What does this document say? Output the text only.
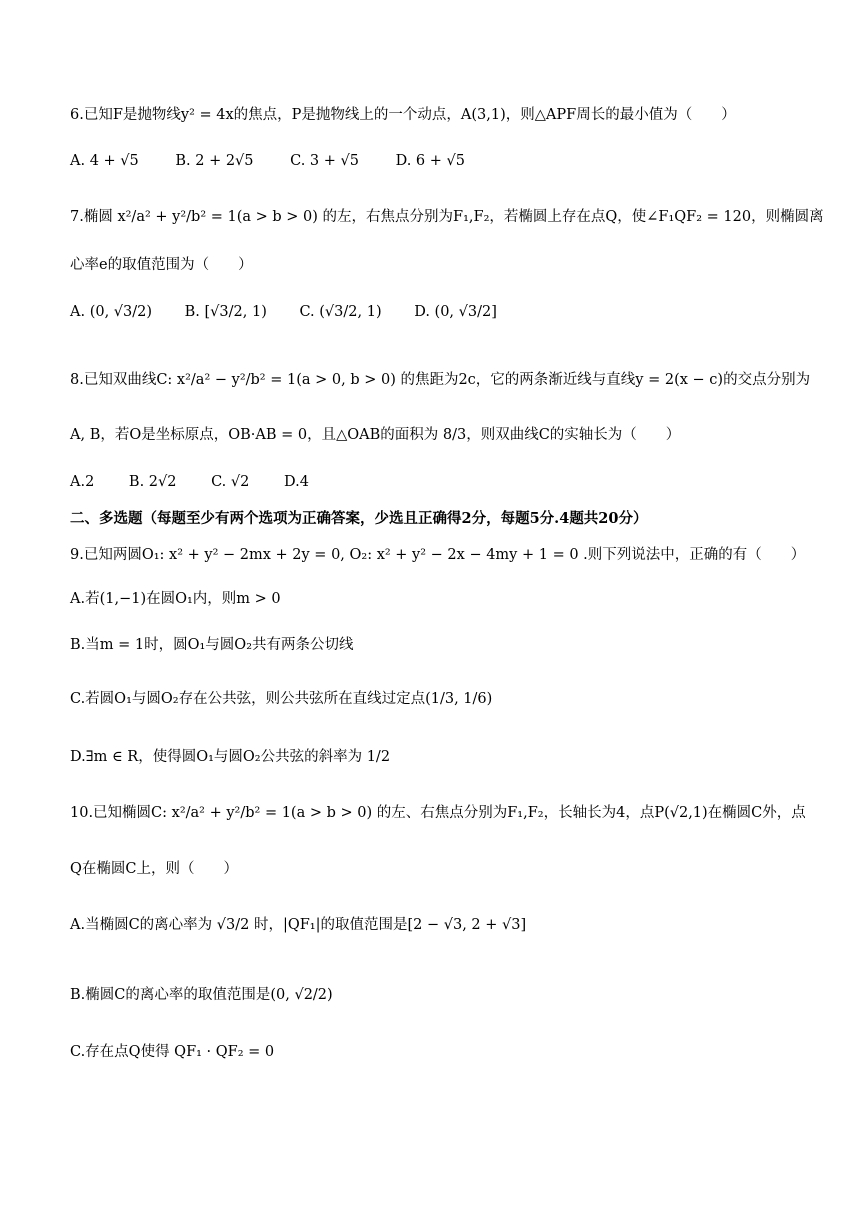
6.已知F是抛物线y² = 4x的焦点，P是抛物线上的一个动点，A(3,1)，则△APF周长的最小值为（　　）
A. 4 + √5	B. 2 + 2√5	C. 3 + √5	D. 6 + √5
7.椭圆 x²/a² + y²/b² = 1(a > b > 0) 的左，右焦点分别为F₁,F₂，若椭圆上存在点Q，使∠F₁QF₂ = 120，则椭圆离
心率e的取值范围为（　　）
A. (0, √3/2) B. [√3/2, 1) C. (√3/2, 1) D. (0, √3/2]
8.已知双曲线C: x²/a² − y²/b² = 1(a > 0, b > 0) 的焦距为2c，它的两条渐近线与直线y = 2(x − c)的交点分别为
A, B，若O是坐标原点，OB·AB = 0，且△OAB的面积为 8/3，则双曲线C的实轴长为（　　）
A.2 B. 2√2 C. √2 D.4
二、多选题（每题至少有两个选项为正确答案，少选且正确得2分，每题5分.4题共20分）
9.已知两圆O₁: x² + y² − 2mx + 2y = 0, O₂: x² + y² − 2x − 4my + 1 = 0 .则下列说法中，正确的有（　　）
A.若(1,−1)在圆O₁内，则m > 0
B.当m = 1时，圆O₁与圆O₂共有两条公切线
C.若圆O₁与圆O₂存在公共弦，则公共弦所在直线过定点(1/3, 1/6)
D.∃m ∈ R，使得圆O₁与圆O₂公共弦的斜率为 1/2
10.已知椭圆C: x²/a² + y²/b² = 1(a > b > 0) 的左、右焦点分别为F₁,F₂，长轴长为4，点P(√2,1)在椭圆C外，点
Q在椭圆C上，则（　　）
A.当椭圆C的离心率为 √3/2 时，|QF₁|的取值范围是[2 − √3, 2 + √3]
B.椭圆C的离心率的取值范围是(0, √2/2)
C.存在点Q使得 QF₁ · QF₂ = 0
